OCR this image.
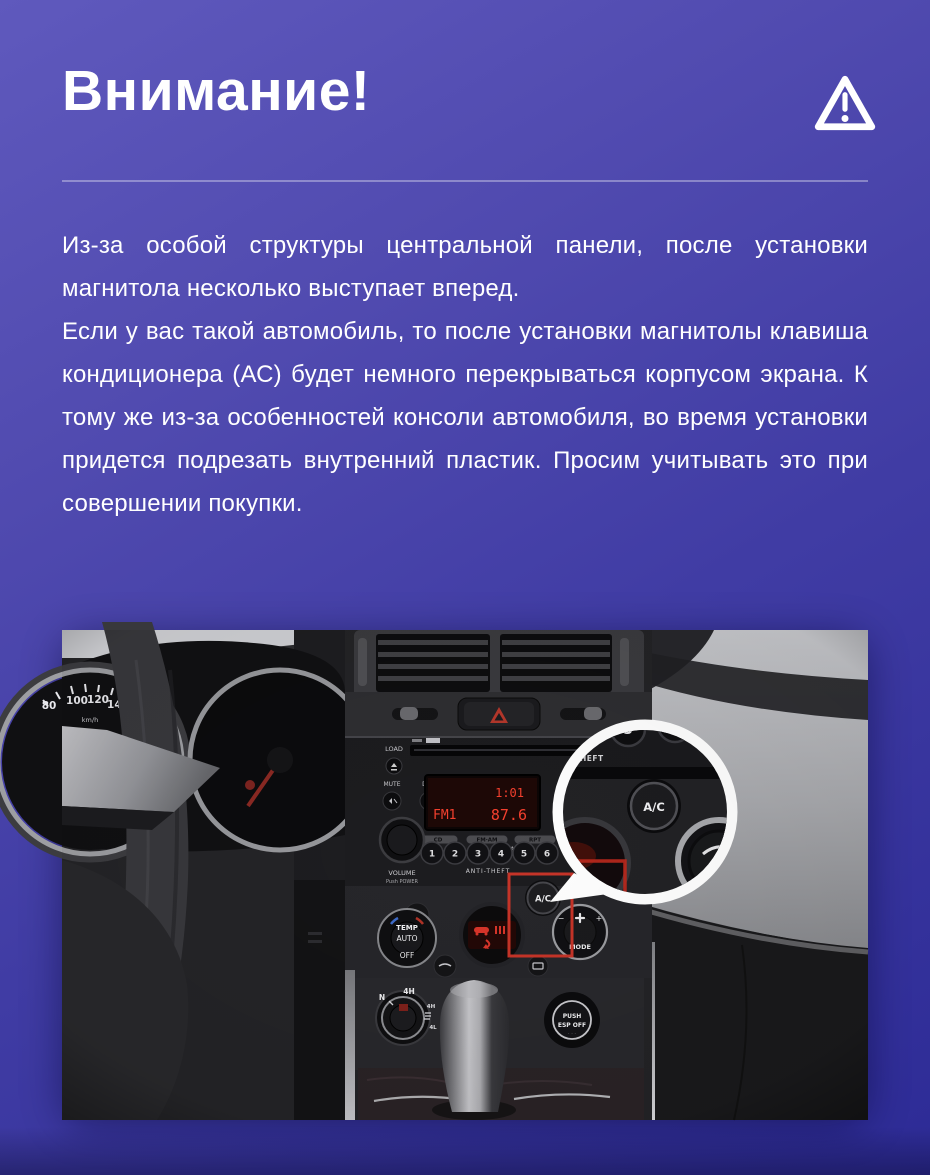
Внимание!

Из-за особой структуры центральной панели, после установки магнитола несколько выступает вперед.

Если у вас такой автомобиль, то после установки магнитолы клавиша кондиционера (АС) будет немного перекрываться корпусом экрана. К тому же из-за особенностей консоли автомобиля, во время установки придется подрезать внутренний пластик. Просим учитывать это при совершении покупки.

80
